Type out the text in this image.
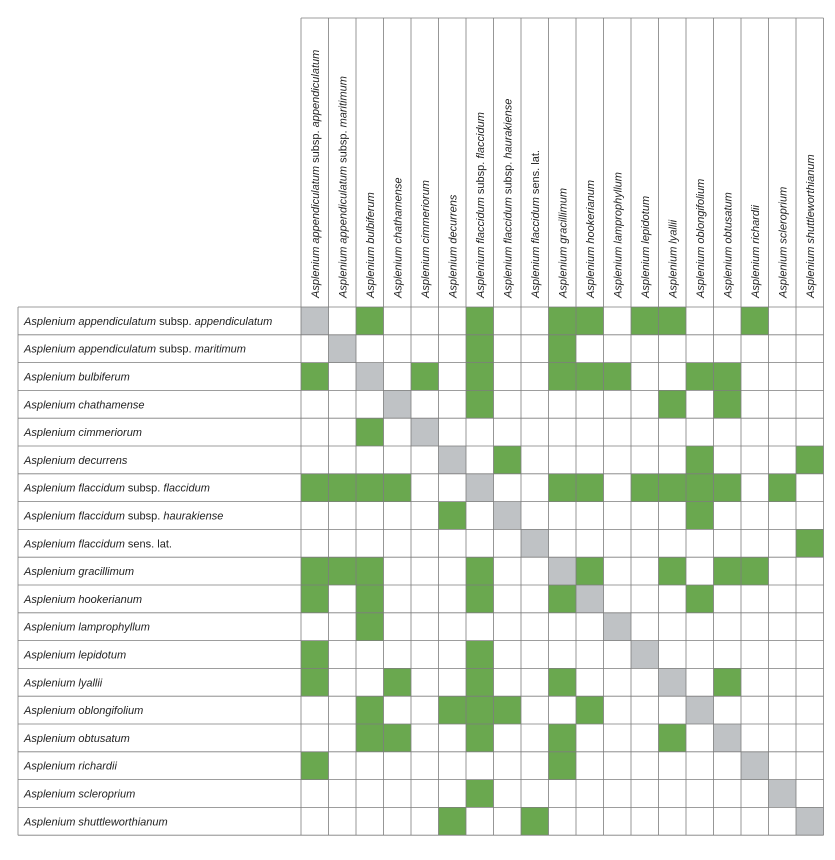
Asplenium appendiculatum subsp. appendiculatum
Asplenium appendiculatum subsp. maritimum
Asplenium bulbiferum
Asplenium chathamense
Asplenium cimmeriorum
Asplenium decurrens
Asplenium flaccidum subsp. flaccidum
Asplenium flaccidum subsp. haurakiense
Asplenium flaccidum sens. lat.
Asplenium gracillimum
Asplenium hookerianum
Asplenium lamprophyllum
Asplenium lepidotum
Asplenium lyallii
Asplenium oblongifolium
Asplenium obtusatum
Asplenium richardii
Asplenium scleroprium
Asplenium shuttleworthianum
Asplenium appendiculatum subsp. appendiculatum
Asplenium appendiculatum subsp. maritimum
Asplenium bulbiferum Asplenium chathamense Asplenium cimmeriorum Asplenium decurrens Asplenium flaccidum subsp. flaccidum
Asplenium flaccidum subsp. haurakiense
Asplenium flaccidum sens. lat.
Asplenium gracillimum Asplenium hookerianum Asplenium lamprophyllum Asplenium lepidotum Asplenium lyallii Asplenium oblongifolium Asplenium obtusatum Asplenium richardii Asplenium scleroprium Asplenium shuttleworthianum
